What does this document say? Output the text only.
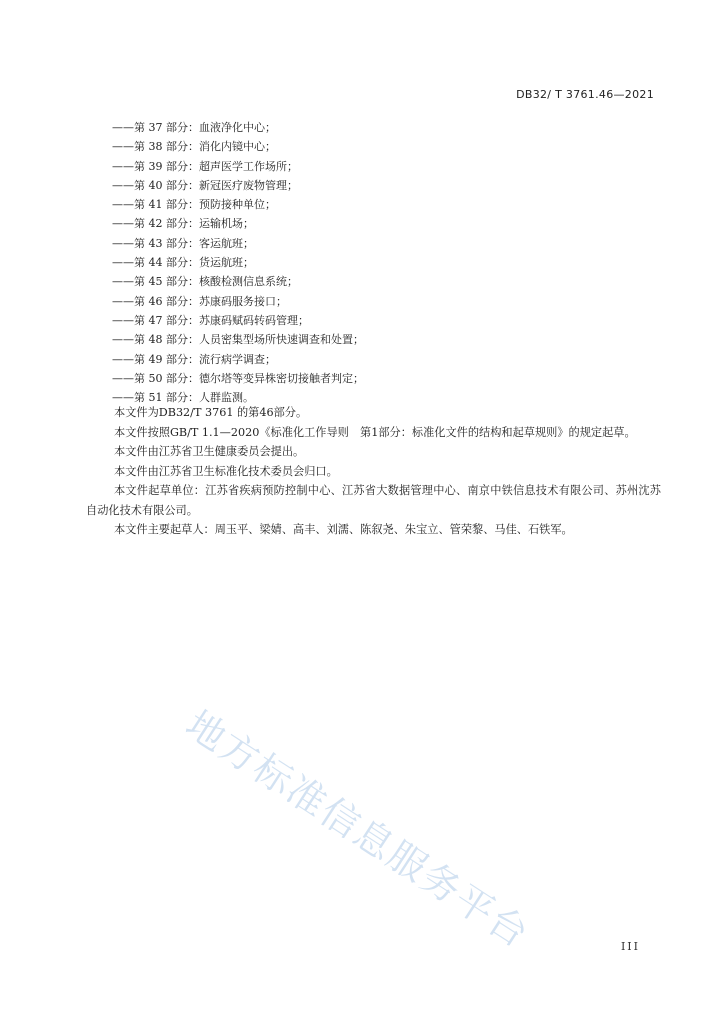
DB32/ T 3761.46—2021
——第 37 部分：血液净化中心；
——第 38 部分：消化内镜中心；
——第 39 部分：超声医学工作场所；
——第 40 部分：新冠医疗废物管理；
——第 41 部分：预防接种单位；
——第 42 部分：运输机场；
——第 43 部分：客运航班；
——第 44 部分：货运航班；
——第 45 部分：核酸检测信息系统；
——第 46 部分：苏康码服务接口；
——第 47 部分：苏康码赋码转码管理；
——第 48 部分：人员密集型场所快速调查和处置；
——第 49 部分：流行病学调查；
——第 50 部分：德尔塔等变异株密切接触者判定；
——第 51 部分：人群监测。

本文件为DB32/T 3761 的第46部分。

本文件按照GB/T 1.1—2020《标准化工作导则　第1部分：标准化文件的结构和起草规则》的规定起草。

本文件由江苏省卫生健康委员会提出。

本文件由江苏省卫生标准化技术委员会归口。

本文件起草单位：江苏省疾病预防控制中心、江苏省大数据管理中心、南京中铁信息技术有限公司、苏州沈苏自动化技术有限公司。

本文件主要起草人：周玉平、梁婧、高丰、刘濡、陈叙尧、朱宝立、管荣黎、马佳、石铁军。

地方标准信息服务平台	III
